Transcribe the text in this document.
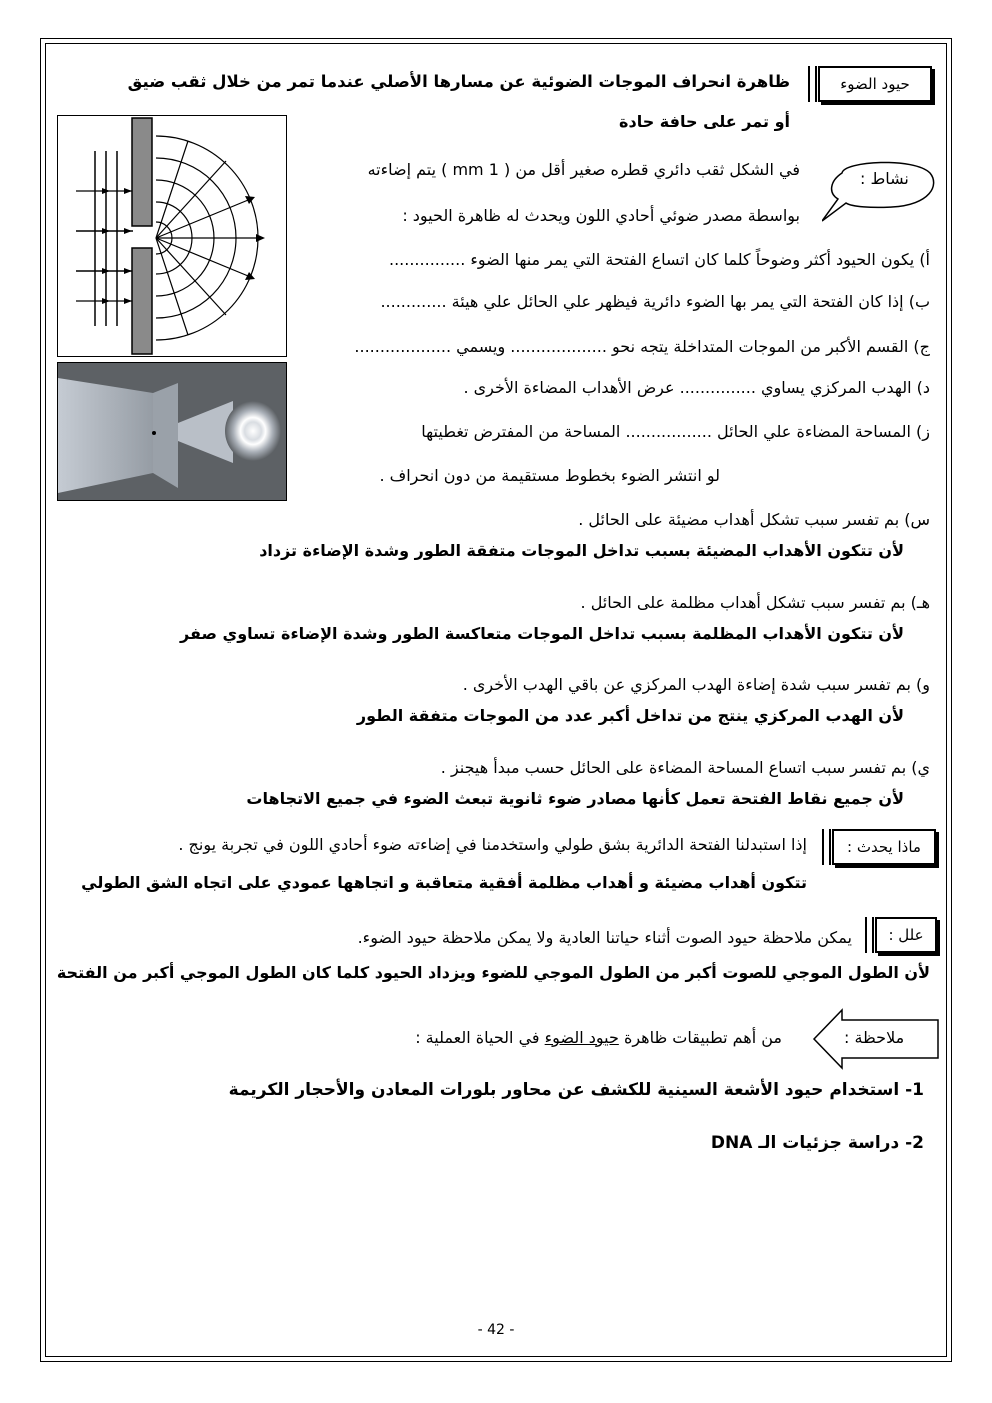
حيود الضوء
ظاهرة انحراف الموجات الضوئية عن مسارها الأصلي عندما تمر من خلال ثقب ضيق
أو تمر على حافة حادة
نشاط :
في الشكل ثقب دائري قطره صغير أقل من ( 1 mm ) يتم إضاءته
بواسطة مصدر ضوئي أحادي اللون ويحدث له ظاهرة الحيود :
أ) يكون الحيود أكثر وضوحاً كلما كان اتساع الفتحة التي يمر منها الضوء ...............
ب) إذا كان الفتحة التي يمر بها الضوء دائرية فيظهر علي الحائل علي هيئة .............
ج) القسم الأكبر من الموجات المتداخلة يتجه نحو ................... ويسمي ...................
د) الهدب المركزي يساوي ............... عرض الأهداب المضاءة الأخرى .
ز) المساحة المضاءة علي الحائل ................. المساحة من المفترض تغطيتها
لو انتشر الضوء بخطوط مستقيمة من دون انحراف .
س) بم تفسر سبب تشكل أهداب مضيئة على الحائل .
لأن تتكون الأهداب المضيئة بسبب تداخل الموجات متفقة الطور وشدة الإضاءة تزداد
هـ) بم تفسر سبب تشكل أهداب مظلمة على الحائل .
لأن تتكون الأهداب المظلمة بسبب تداخل الموجات متعاكسة الطور وشدة الإضاءة تساوي صفر
و) بم تفسر سبب شدة إضاءة الهدب المركزي عن باقي الهدب الأخرى .
لأن الهدب المركزي ينتج من تداخل أكبر عدد من الموجات متفقة الطور
ي) بم تفسر سبب اتساع المساحة المضاءة على الحائل حسب مبدأ هيجنز .
لأن جميع نقاط الفتحة تعمل كأنها مصادر ضوء ثانوية تبعث الضوء في جميع الاتجاهات
ماذا يحدث :
إذا استبدلنا الفتحة الدائرية بشق طولي واستخدمنا في إضاءته ضوء أحادي اللون في تجربة يونج .
تتكون أهداب مضيئة و أهداب مظلمة أفقية متعاقبة و اتجاهها عمودي على اتجاه الشق الطولي
علل :
يمكن ملاحظة حيود الصوت أثناء حياتنا العادية ولا يمكن ملاحظة حيود الضوء.
لأن الطول الموجي للصوت أكبر من الطول الموجي للضوء ويزداد الحيود كلما كان الطول الموجي أكبر من الفتحة
ملاحظة :
من أهم تطبيقات ظاهرة حيود الضوء في الحياة العملية :
1- استخدام حيود الأشعة السينية للكشف عن محاور بلورات المعادن والأحجار الكريمة
2- دراسة جزئيات الـ DNA
- 42 -
